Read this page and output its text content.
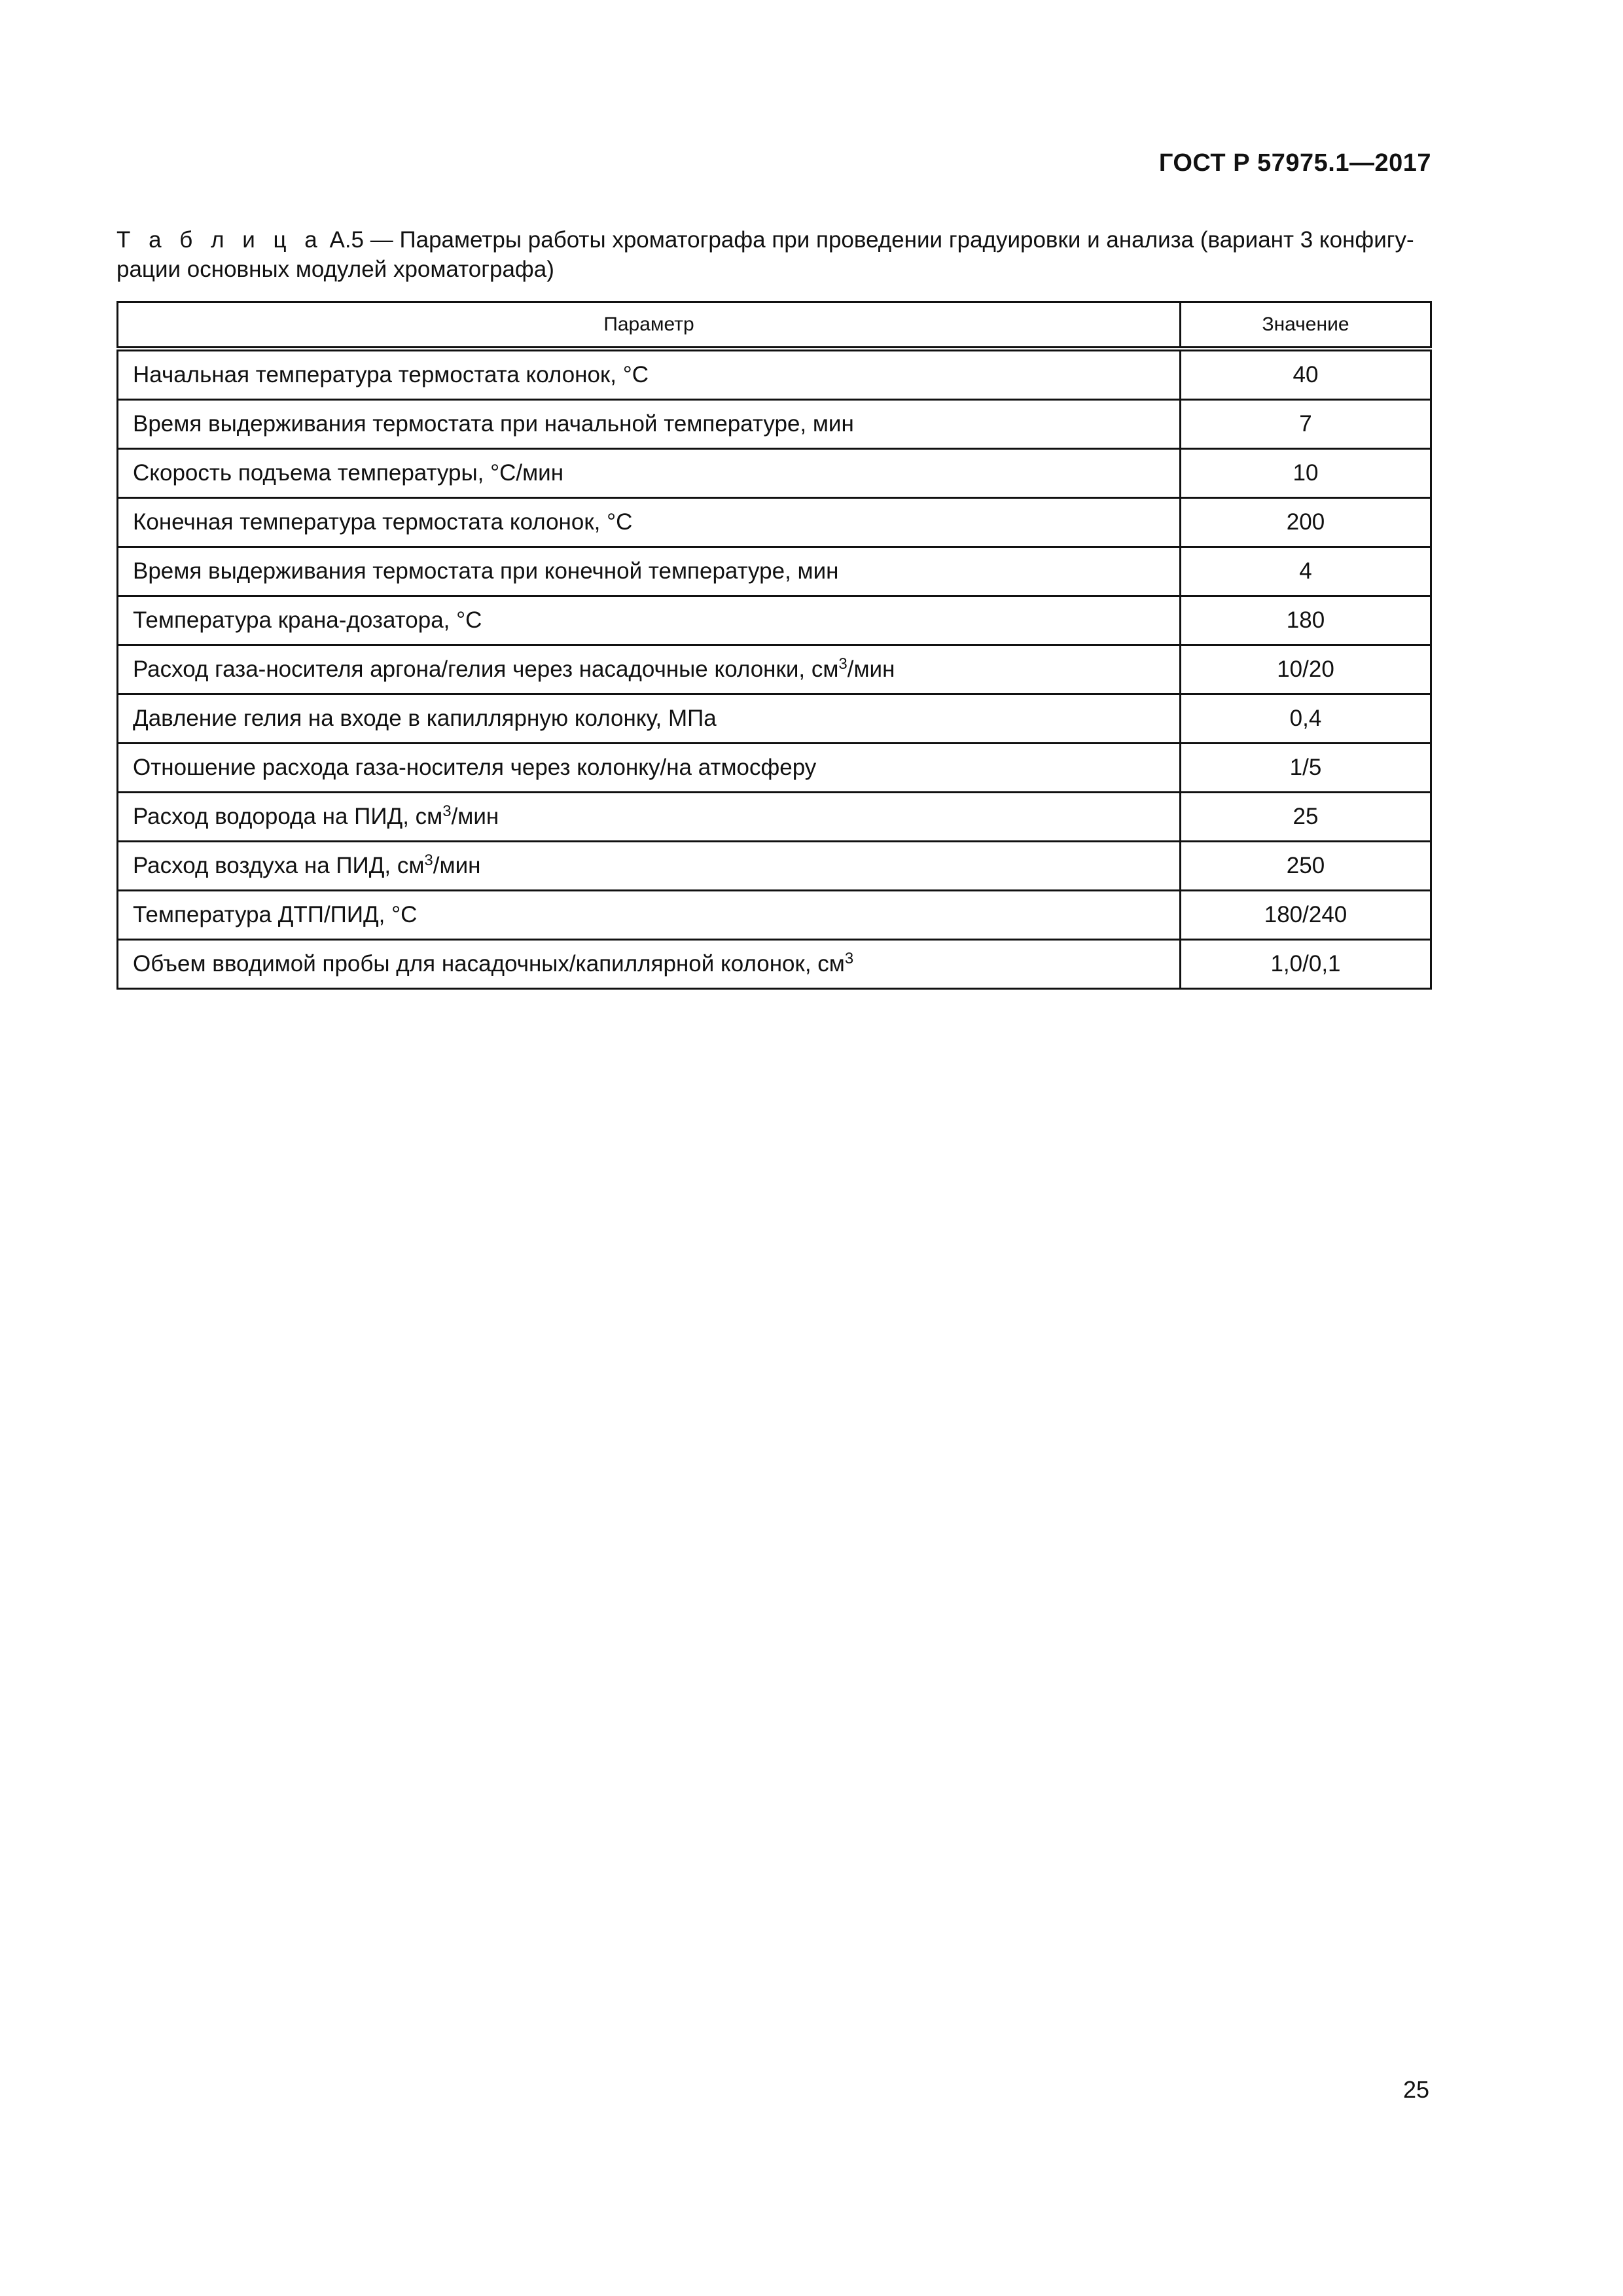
ГОСТ Р 57975.1—2017
Т а б л и ц а А.5 — Параметры работы хроматографа при проведении градуировки и анализа (вариант 3 конфигу-рации основных модулей хроматографа)
Параметр	Значение
Начальная температура термостата колонок, °С	40
Время выдерживания термостата при начальной температуре, мин	7
Скорость подъема температуры, °С/мин	10
Конечная температура термостата колонок, °С	200
Время выдерживания термостата при конечной температуре, мин	4
Температура крана-дозатора, °С	180
Расход газа-носителя аргона/гелия через насадочные колонки, $см^3$/мин	10/20
Давление гелия на входе в капиллярную колонку, МПа	0,4
Отношение расхода газа-носителя через колонку/на атмосферу	1/5
Расход водорода на ПИД, $см^3$/мин	25
Расход воздуха на ПИД, $см^3$/мин	250
Температура ДТП/ПИД, °С	180/240
Объем вводимой пробы для насадочных/капиллярной колонок, $см^3$	1,0/0,1
25
